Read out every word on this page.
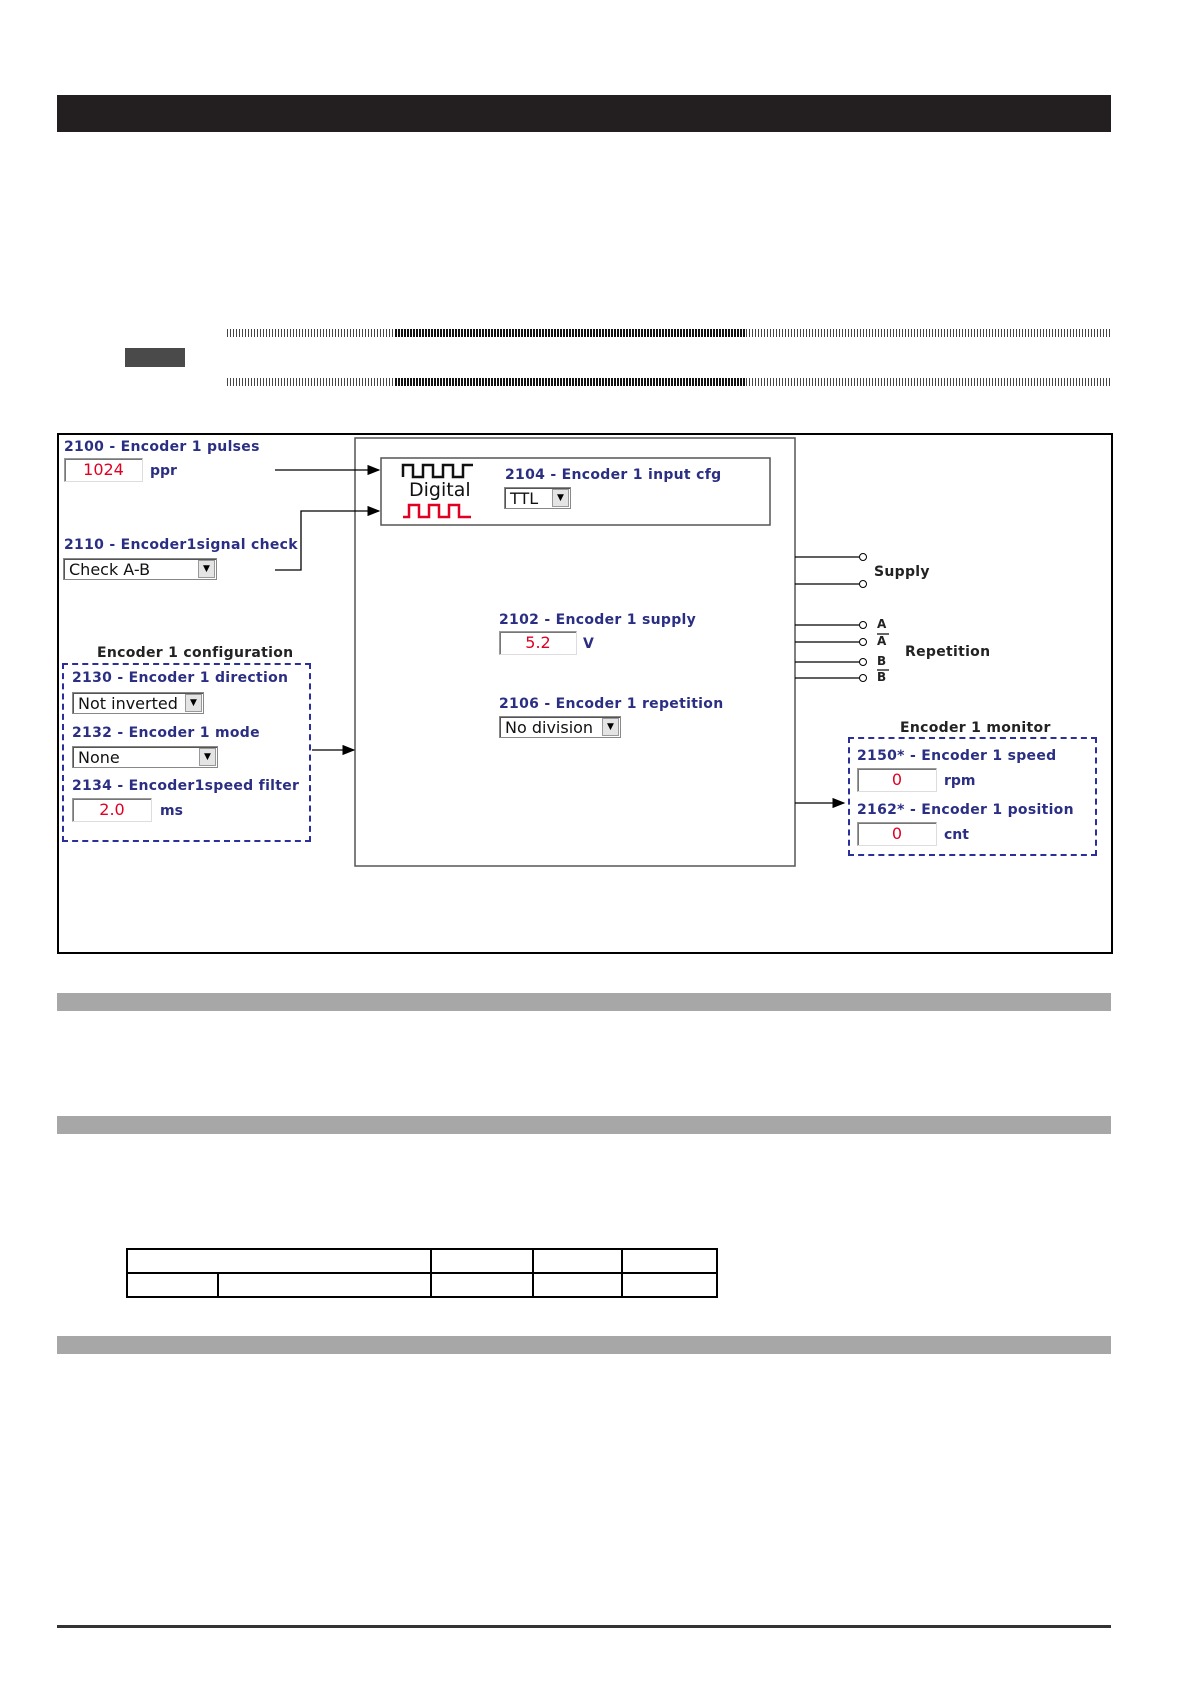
2100 - Encoder 1 pulses
1024	ppr
2110 - Encoder1signal check
Check A-B	▼
Digital
2104 - Encoder 1 input cfg
TTL	▼
2102 - Encoder 1 supply
5.2	V
2106 - Encoder 1 repetition
No division	▼
Encoder 1 configuration
2130 - Encoder 1 direction
Not inverted	▼
2132 - Encoder 1 mode
None	▼
2134 - Encoder1speed filter
2.0	ms
Supply
Repetition
A
A
B
B
Encoder 1 monitor
2150* - Encoder 1 speed
0	rpm
2162* - Encoder 1 position
0	cnt
